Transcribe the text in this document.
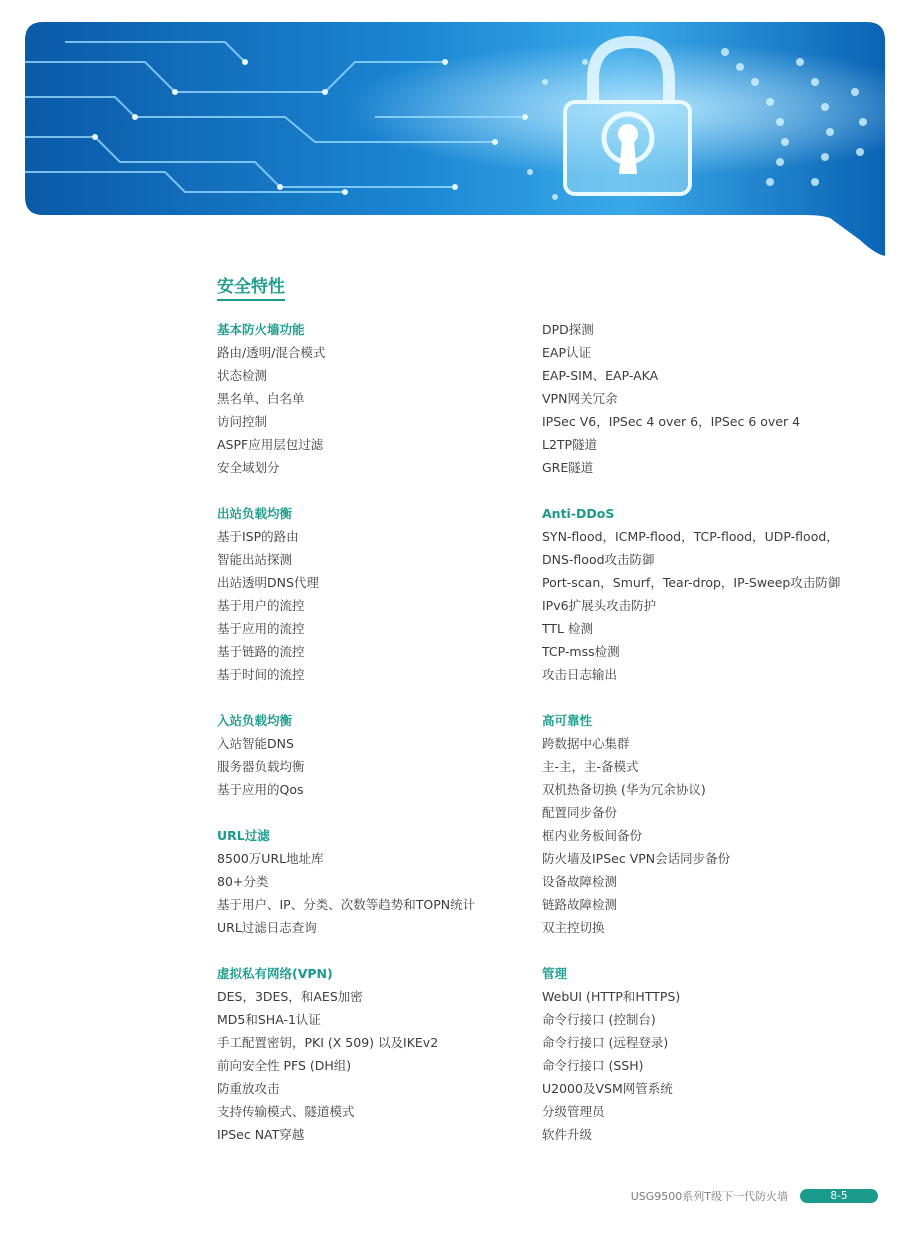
安全特性
基本防火墙功能
路由/透明/混合模式
状态检测
黑名单、白名单
访问控制
ASPF应用层包过滤
安全域划分
出站负载均衡
基于ISP的路由
智能出站探测
出站透明DNS代理
基于用户的流控
基于应用的流控
基于链路的流控
基于时间的流控
入站负载均衡
入站智能DNS
服务器负载均衡
基于应用的Qos
URL过滤
8500万URL地址库
80+分类
基于用户、IP、分类、次数等趋势和TOPN统计
URL过滤日志查询
虚拟私有网络(VPN)
DES，3DES，和AES加密
MD5和SHA-1认证
手工配置密钥，PKI (X 509) 以及IKEv2
前向安全性 PFS (DH组)
防重放攻击
支持传输模式、隧道模式
IPSec NAT穿越
DPD探测
EAP认证
EAP-SIM、EAP-AKA
VPN网关冗余
IPSec V6，IPSec 4 over 6，IPSec 6 over 4
L2TP隧道
GRE隧道
Anti-DDoS
SYN-flood，ICMP-flood，TCP-flood，UDP-flood，
DNS-flood攻击防御
Port-scan，Smurf，Tear-drop，IP-Sweep攻击防御
IPv6扩展头攻击防护
TTL 检测
TCP-mss检测
攻击日志输出
高可靠性
跨数据中心集群
主-主，主-备模式
双机热备切换 (华为冗余协议)
配置同步备份
框内业务板间备份
防火墙及IPSec VPN会话同步备份
设备故障检测
链路故障检测
双主控切换
管理
WebUI (HTTP和HTTPS)
命令行接口 (控制台)
命令行接口 (远程登录)
命令行接口 (SSH)
U2000及VSM网管系统
分级管理员
软件升级
USG9500系列T级下一代防火墙	8-5
